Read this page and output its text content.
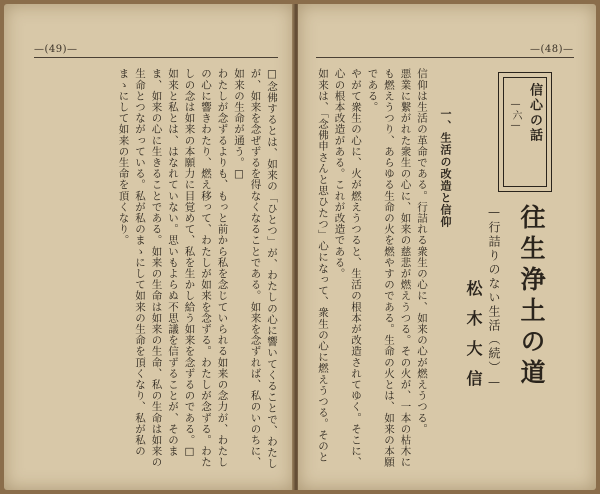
—(49)—	—(48)—

□念佛するとは、如来の「ひとつ」が、わたしの心に響いてくることで、わたしが、如来を念ぜずるを得なくなることである。如来を念ずれば、私のいのちに、如来の生命が通う。□

わたしが念ずるよりも、もっと前から私を念じていられる如来の念力が、わたしの心に響きわたり、燃え移って、わたしが如来を念ずる。わたしが念ずる。わたしの念は如来の本願力に目覚めて、私を生かし給う如来を念ずるのである。□

如来と私とは、はなれていない。思いもよらぬ不思議を信ずることが、そのまま、如来の心に生きることである。如来の生命は如来の生命、私の生命は如来の生命とつながっている。私が私のまゝにして如来の生命を頂くなり、私が私のまゝにして如来の生命を頂くなり。	信心の話
—六—
往生浄土の道
—行詰りのない生活（続）—
松木大信
一、生活の改造と信仰

信仰は生活の革命である。行詰れる衆生の心に、如来の心が燃えうつる。

悪業に繋がれた衆生の心に、如来の慈悲が燃えうつる。その火が、一本の枯木にも燃えうつり、あらゆる生命の火を燃やすのである。生命の火とは、如来の本願である。

やがて衆生の心に、火が燃えうつると、生活の根本が改造されてゆく。そこに、心の根本改造がある。これが改造である。

如来は、「念佛申さんと思ひたつ」心になって、衆生の心に燃えうつる。そのと
